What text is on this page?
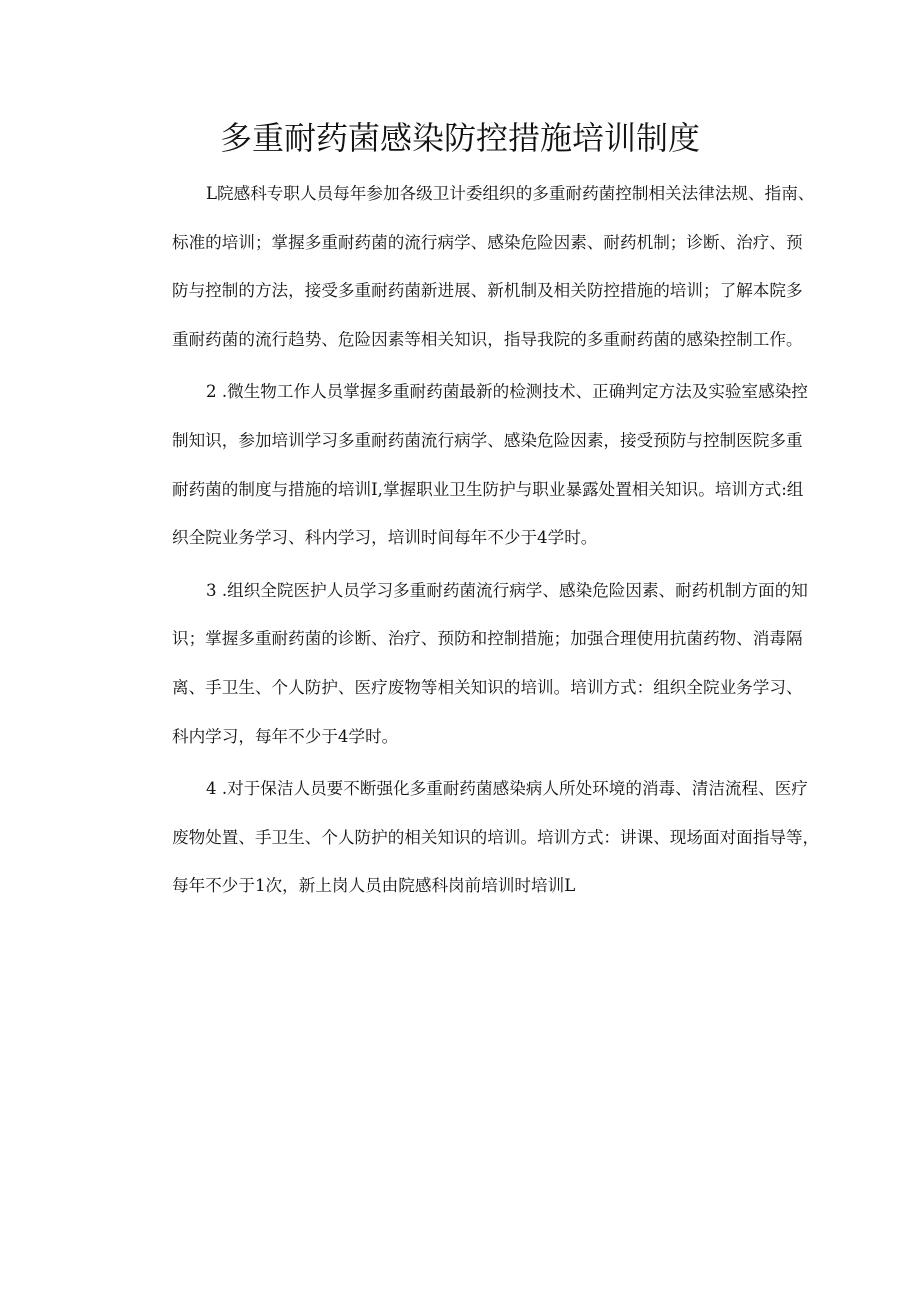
多重耐药菌感染防控措施培训制度

L院感科专职人员每年参加各级卫计委组织的多重耐药菌控制相关法律法规、指南、
标准的培训；掌握多重耐药菌的流行病学、感染危险因素、耐药机制；诊断、治疗、预
防与控制的方法，接受多重耐药菌新进展、新机制及相关防控措施的培训；了解本院多
重耐药菌的流行趋势、危险因素等相关知识，指导我院的多重耐药菌的感染控制工作。

2 .微生物工作人员掌握多重耐药菌最新的检测技术、正确判定方法及实验室感染控
制知识，参加培训学习多重耐药菌流行病学、感染危险因素，接受预防与控制医院多重
耐药菌的制度与措施的培训I,掌握职业卫生防护与职业暴露处置相关知识。培训方式:组
织全院业务学习、科内学习，培训时间每年不少于4学时。

3 .组织全院医护人员学习多重耐药菌流行病学、感染危险因素、耐药机制方面的知
识；掌握多重耐药菌的诊断、治疗、预防和控制措施；加强合理使用抗菌药物、消毒隔
离、手卫生、个人防护、医疗废物等相关知识的培训。培训方式：组织全院业务学习、
科内学习，每年不少于4学时。

4 .对于保洁人员要不断强化多重耐药菌感染病人所处环境的消毒、清洁流程、医疗
废物处置、手卫生、个人防护的相关知识的培训。培训方式：讲课、现场面对面指导等，
每年不少于1次，新上岗人员由院感科岗前培训时培训L
